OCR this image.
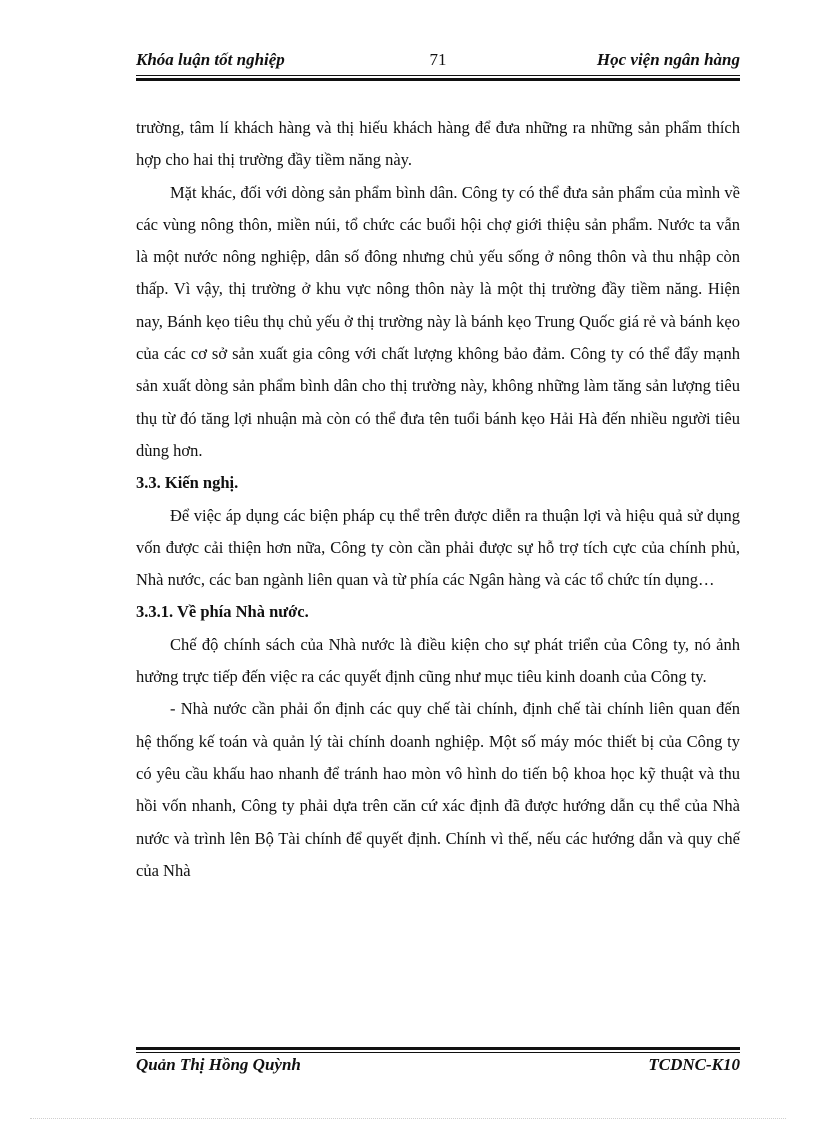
71
Khóa luận tốt nghiệp	Học viện ngân hàng

trường, tâm lí khách hàng và thị hiếu khách hàng để đưa những ra những sản phẩm thích hợp cho hai thị trường đầy tiềm năng này.

Mặt khác, đối với dòng sản phẩm bình dân. Công ty có thể đưa sản phẩm của mình về các vùng nông thôn, miền núi, tổ chức các buổi hội chợ giới thiệu sản phẩm. Nước ta vẫn là một nước nông nghiệp, dân số đông nhưng chủ yếu sống ở nông thôn và thu nhập còn thấp. Vì vậy, thị trường ở khu vực nông thôn này là một thị trường đầy tiềm năng. Hiện nay, Bánh kẹo tiêu thụ chủ yếu ở thị trường này là bánh kẹo Trung Quốc giá rẻ và bánh kẹo của các cơ sở sản xuất gia công với chất lượng không bảo đảm. Công ty có thể đẩy mạnh sản xuất dòng sản phẩm bình dân cho thị trường này, không những làm tăng sản lượng tiêu thụ từ đó tăng lợi nhuận mà còn có thể đưa tên tuổi bánh kẹo Hải Hà đến nhiều người tiêu dùng hơn.

3.3. Kiến nghị.

Để việc áp dụng các biện pháp cụ thể trên được diễn ra thuận lợi và hiệu quả sử dụng vốn được cải thiện hơn nữa, Công ty còn cần phải được sự hỗ trợ tích cực của chính phủ, Nhà nước, các ban ngành liên quan và từ phía các Ngân hàng và các tổ chức tín dụng…

3.3.1. Về phía Nhà nước.

Chế độ chính sách của Nhà nước là điều kiện cho sự phát triển của Công ty, nó ảnh hưởng trực tiếp đến việc ra các quyết định cũng như mục tiêu kinh doanh của Công ty.

- Nhà nước cần phải ổn định các quy chế tài chính, định chế tài chính liên quan đến hệ thống kế toán và quản lý tài chính doanh nghiệp. Một số máy móc thiết bị của Công ty có yêu cầu khấu hao nhanh để tránh hao mòn vô hình do tiến bộ khoa học kỹ thuật và thu hồi vốn nhanh, Công ty phải dựa trên căn cứ xác định đã được hướng dẫn cụ thể của Nhà nước và trình lên Bộ Tài chính để quyết định. Chính vì thế, nếu các hướng dẫn và quy chế của Nhà

Quản Thị Hồng Quỳnh	TCDNC-K10
